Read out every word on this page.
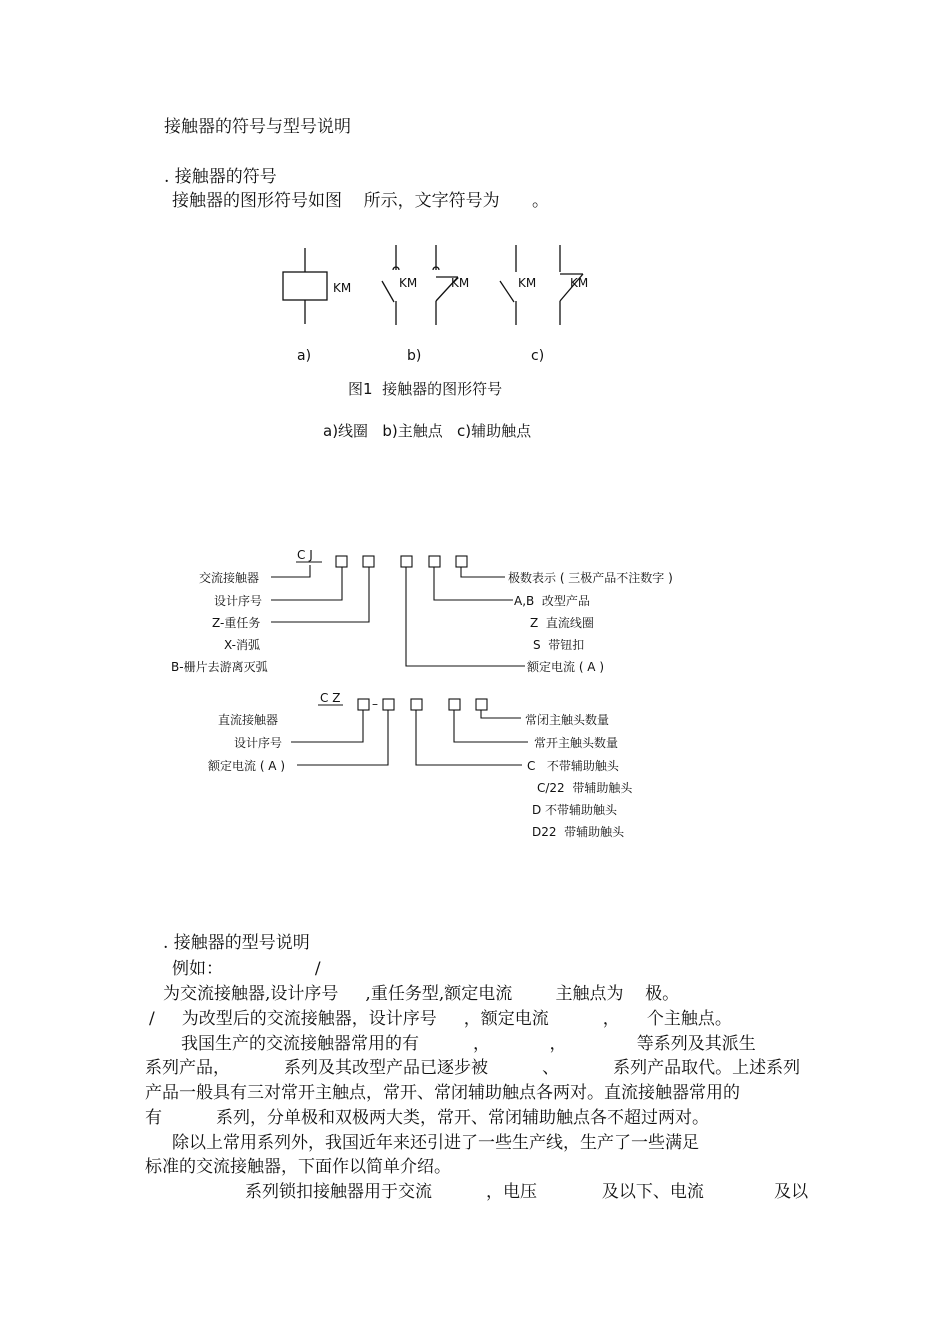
接触器的符号与型号说明
. 接触器的符号
接触器的图形符号如图    所示，文字符号为      。
KM	KM	KM	KM	KM
a)	b)	c)
图1  接触器的图形符号
a)线圈   b)主触点   c)辅助触点
C J
交流接触器
设计序号
Z-重任务
X-消弧
B-栅片去游离灭弧
极数表示 ( 三极产品不注数字 )
A,B  改型产品
Z  直流线圈
S  带钮扣
额定电流 ( A )
C Z	–
直流接触器
设计序号
额定电流 ( A )
常闭主触头数量
常开主触头数量
C   不带辅助触头
C/22  带辅助触头
D 不带辅助触头
D22  带辅助触头
. 接触器的型号说明
例如：                 /
为交流接触器,设计序号     ,重任务型,额定电流        主触点为    极。
/     为改型后的交流接触器，设计序号     ，额定电流          ，     个主触点。
我国生产的交流接触器常用的有          ，           ，             等系列及其派生
系列产品，          系列及其改型产品已逐步被          、          系列产品取代。上述系列
产品一般具有三对常开主触点，常开、常闭辅助触点各两对。直流接触器常用的
有          系列，分单极和双极两大类，常开、常闭辅助触点各不超过两对。
除以上常用系列外，我国近年来还引进了一些生产线，生产了一些满足
标准的交流接触器，下面作以简单介绍。
系列锁扣接触器用于交流          ，电压            及以下、电流             及以
